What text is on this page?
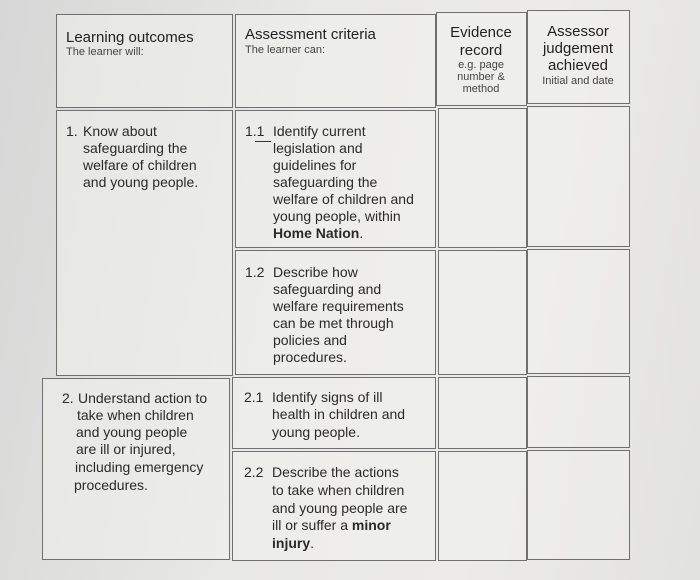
Learning outcomes
The learner will:
Assessment criteria
The learner can:
Evidence
record
e.g. page
number &
method
Assessor
judgement
achieved
Initial and date
1. Know about
safeguarding the
welfare of children
and young people.
1.1 Identify current
legislation and
guidelines for
safeguarding the
welfare of children and
young people, within
Home Nation.
1.2 Describe how
safeguarding and
welfare requirements
can be met through
policies and
procedures.
2. Understand action to
take when children
and young people
are ill or injured,
including emergency
procedures.
2.1 Identify signs of ill
health in children and
young people.
2.2 Describe the actions
to take when children
and young people are
ill or suffer a minor
injury.
